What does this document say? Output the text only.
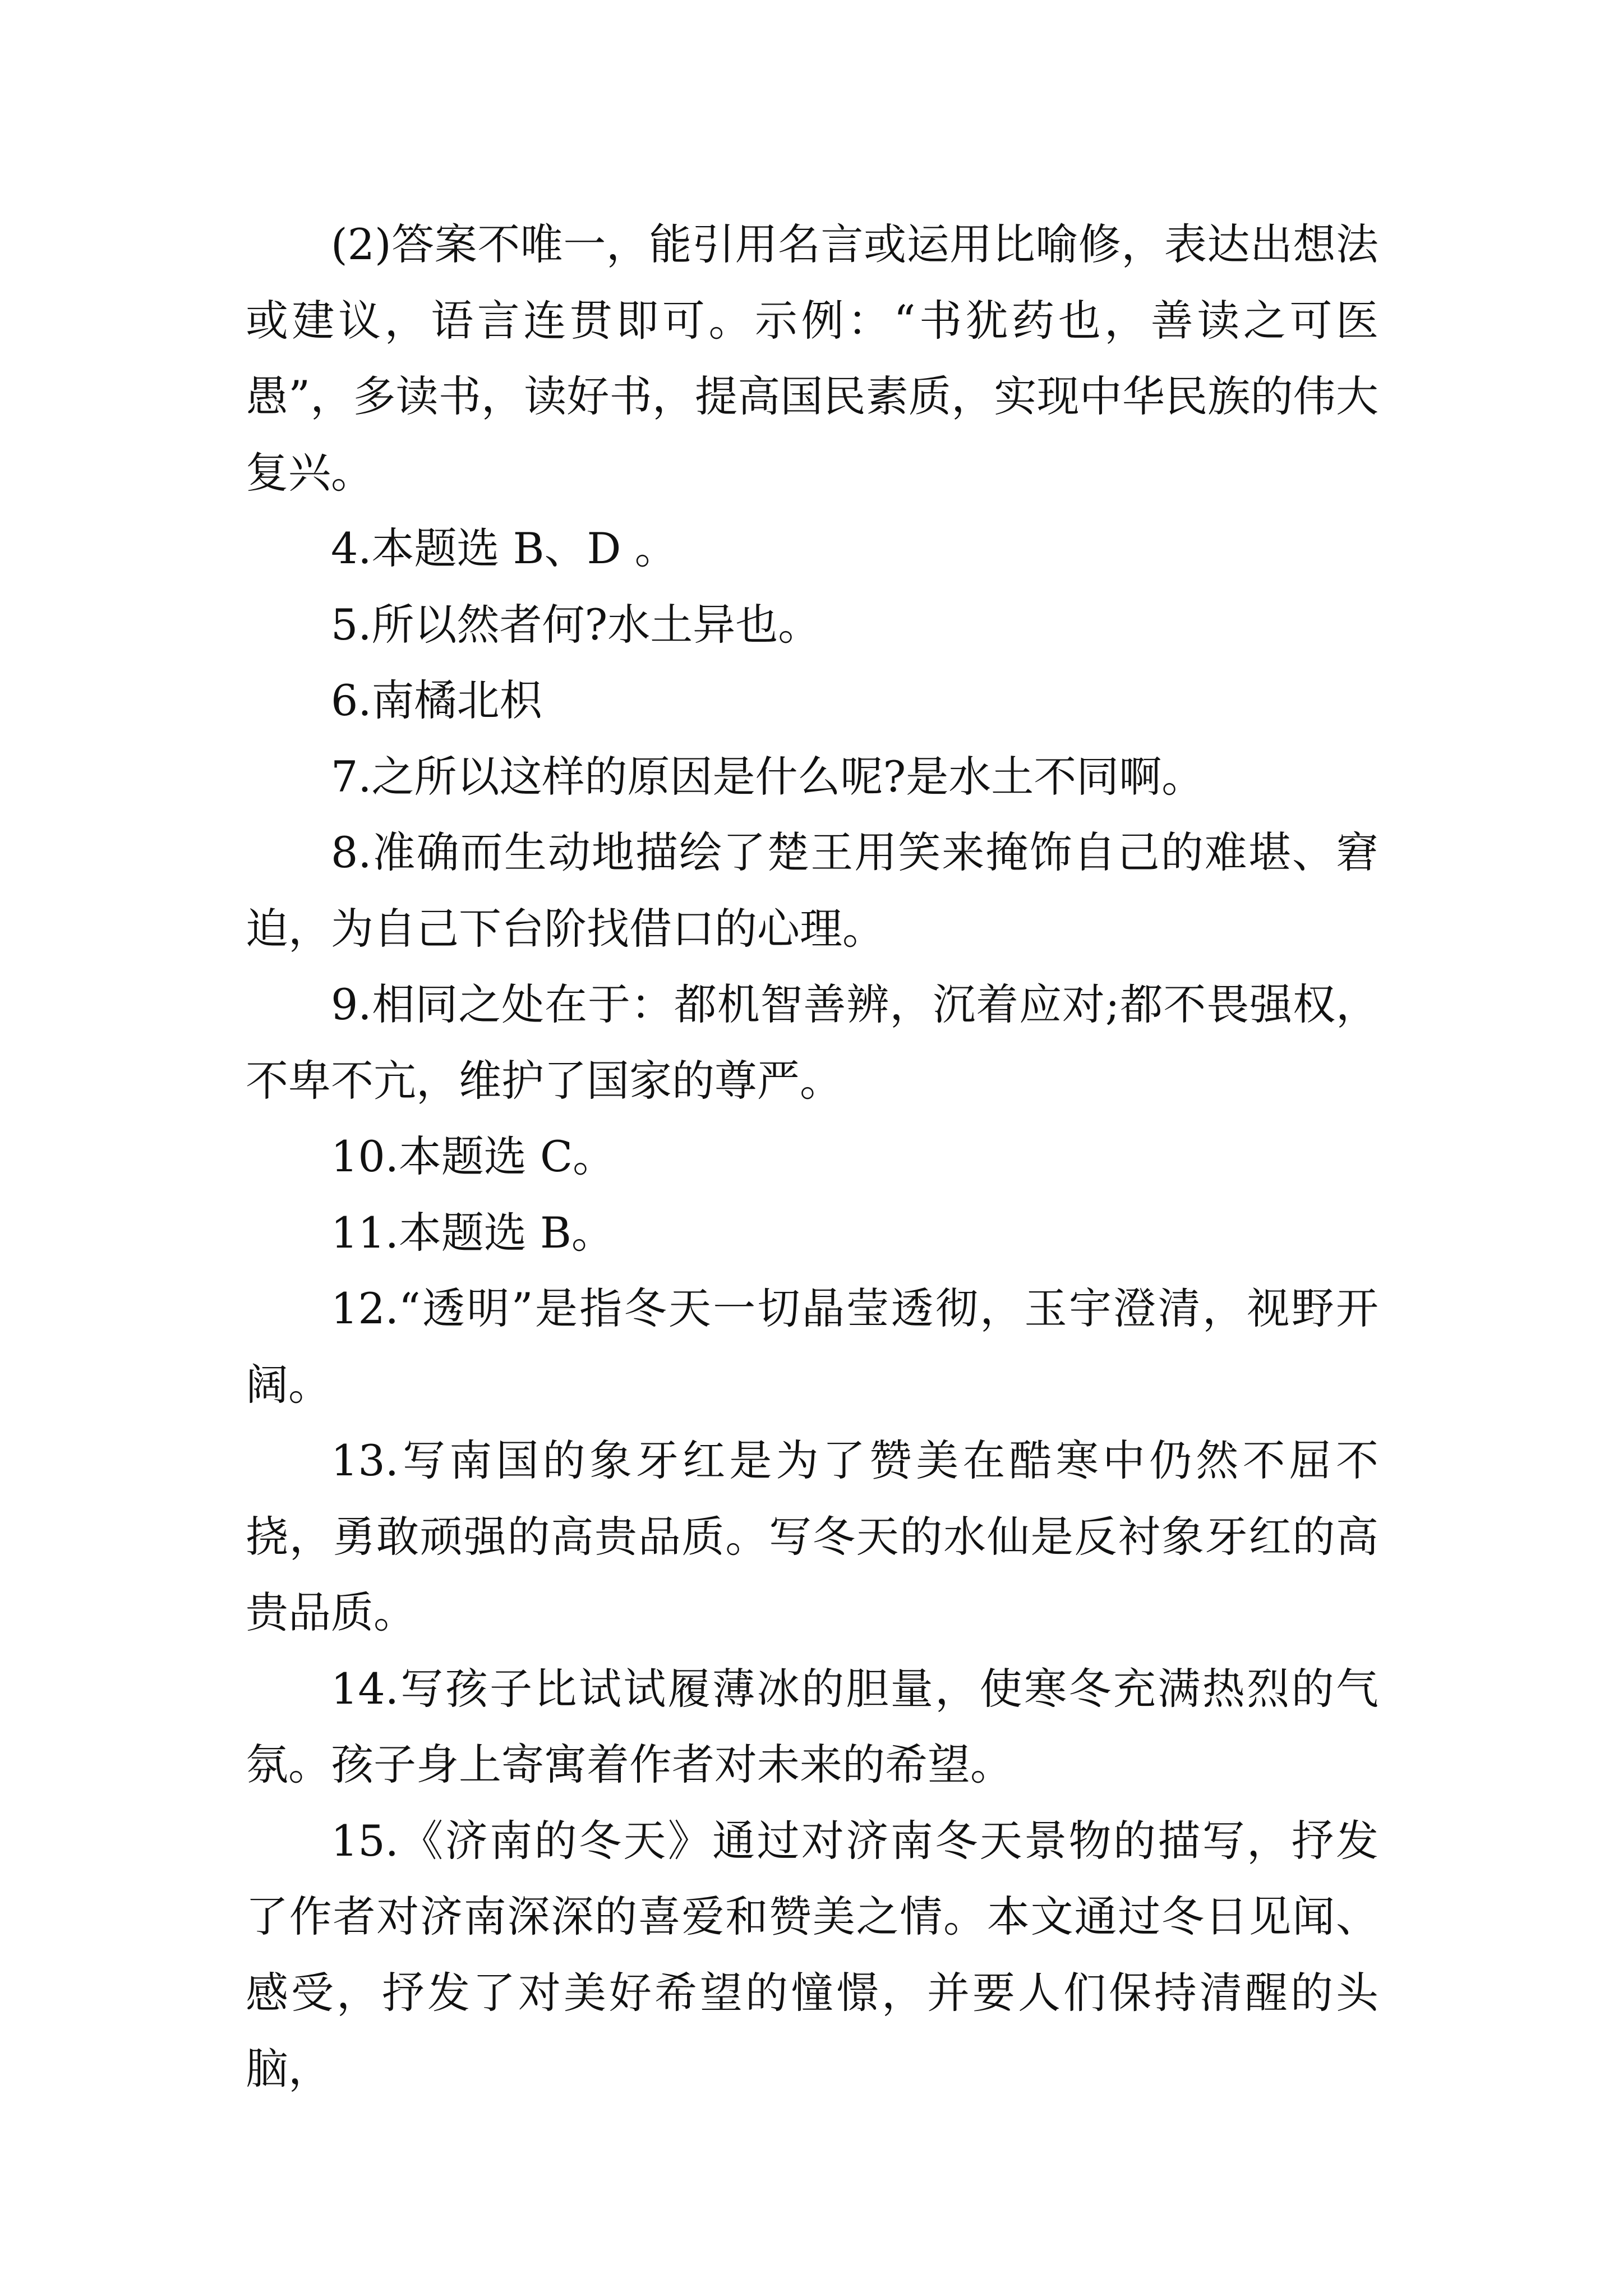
(2)答案不唯一，能引用名言或运用比喻修，表达出想法或建议，语言连贯即可。示例：“书犹药也，善读之可医愚”，多读书，读好书，提高国民素质，实现中华民族的伟大复兴。

4.本题选 B、D 。

5.所以然者何?水土异也。

6.南橘北枳

7.之所以这样的原因是什么呢?是水土不同啊。

8.准确而生动地描绘了楚王用笑来掩饰自己的难堪、窘迫，为自己下台阶找借口的心理。

9.相同之处在于：都机智善辨，沉着应对;都不畏强权，不卑不亢，维护了国家的尊严。

10.本题选 C。

11.本题选 B。

12.“透明”是指冬天一切晶莹透彻，玉宇澄清，视野开阔。

13.写南国的象牙红是为了赞美在酷寒中仍然不屈不挠，勇敢顽强的高贵品质。写冬天的水仙是反衬象牙红的高贵品质。

14.写孩子比试试履薄冰的胆量，使寒冬充满热烈的气氛。孩子身上寄寓着作者对未来的希望。

15.《济南的冬天》通过对济南冬天景物的描写，抒发了作者对济南深深的喜爱和赞美之情。本文通过冬日见闻、感受，抒发了对美好希望的憧憬，并要人们保持清醒的头脑，
